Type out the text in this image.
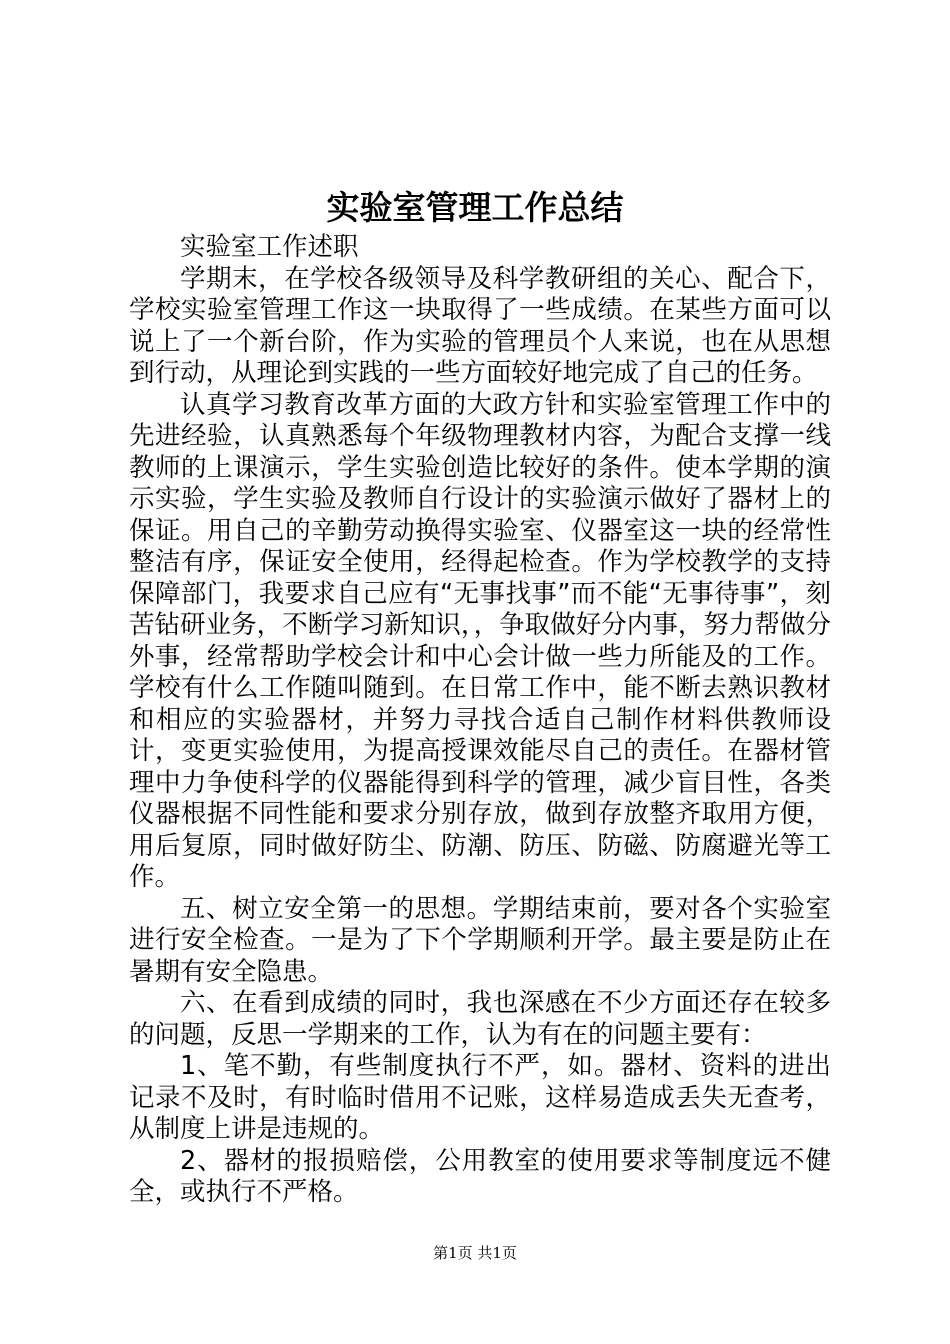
实验室管理工作总结

实验室工作述职

学期末，在学校各级领导及科学教研组的关心、配合下，学校实验室管理工作这一块取得了一些成绩。在某些方面可以说上了一个新台阶，作为实验的管理员个人来说，也在从思想到行动，从理论到实践的一些方面较好地完成了自己的任务。

认真学习教育改革方面的大政方针和实验室管理工作中的先进经验，认真熟悉每个年级物理教材内容，为配合支撑一线教师的上课演示，学生实验创造比较好的条件。使本学期的演示实验，学生实验及教师自行设计的实验演示做好了器材上的保证。用自己的辛勤劳动换得实验室、仪器室这一块的经常性整洁有序，保证安全使用，经得起检查。作为学校教学的支持保障部门，我要求自己应有“无事找事”而不能“无事待事”，刻苦钻研业务，不断学习新知识，，争取做好分内事，努力帮做分外事，经常帮助学校会计和中心会计做一些力所能及的工作。学校有什么工作随叫随到。在日常工作中，能不断去熟识教材和相应的实验器材，并努力寻找合适自己制作材料供教师设计，变更实验使用，为提高授课效能尽自己的责任。在器材管理中力争使科学的仪器能得到科学的管理，减少盲目性，各类仪器根据不同性能和要求分别存放，做到存放整齐取用方便，用后复原，同时做好防尘、防潮、防压、防磁、防腐避光等工作。

五、树立安全第一的思想。学期结束前，要对各个实验室进行安全检查。一是为了下个学期顺利开学。最主要是防止在暑期有安全隐患。

六、在看到成绩的同时，我也深感在不少方面还存在较多的问题，反思一学期来的工作，认为有在的问题主要有：

1、笔不勤，有些制度执行不严，如。器材、资料的进出记录不及时，有时临时借用不记账，这样易造成丢失无查考，从制度上讲是违规的。

2、器材的报损赔偿，公用教室的使用要求等制度远不健全，或执行不严格。

第1页 共1页
